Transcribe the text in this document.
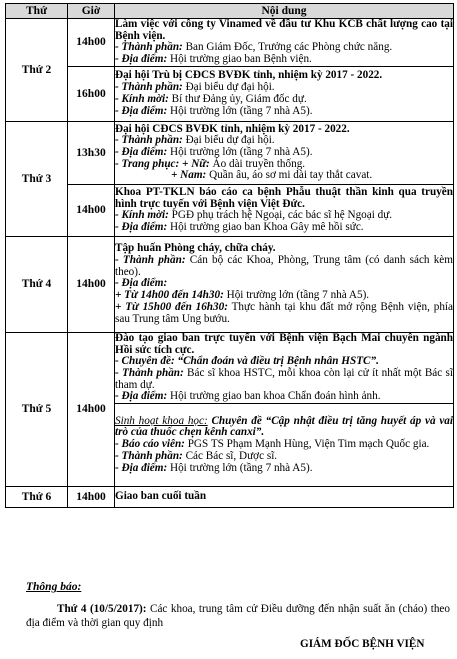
Thứ	Giờ	Nội dung
Thứ 2	14h00	Làm việc với công ty Vinamed về đầu tư Khu KCB chất lượng cao tại Bệnh viện.
- Thành phần: Ban Giám Đốc, Trưởng các Phòng chức năng.
- Địa điểm: Hội trường giao ban Bệnh viện.

	16h00	Đại hội Trù bị CĐCS BVĐK tỉnh, nhiệm kỳ 2017 - 2022.
- Thành phần: Đại biểu dự đại hội.
- Kính mời: Bí thư Đảng ủy, Giám đốc dự.
- Địa điểm: Hội trường lớn (tầng 7 nhà A5).

Thứ 3	13h30	Đại hội CĐCS BVĐK tỉnh, nhiệm kỳ 2017 - 2022.
- Thành phần: Đại biểu dự đại hội.
- Địa điểm: Hội trường lớn (tầng 7 nhà A5).
- Trang phục: + Nữ: Áo dài truyền thống.
+ Nam: Quần âu, áo sơ mi dài tay thắt cavat.

	14h00	Khoa PT-TKLN báo cáo ca bệnh Phẫu thuật thần kinh qua truyền hình trực tuyến với Bệnh viện Việt Đức.
- Kính mời: PGĐ phụ trách hệ Ngoại, các bác sĩ hệ Ngoại dự.
- Địa điểm: Hội trường giao ban Khoa Gây mê hồi sức.

Thứ 4	14h00	Tập huấn Phòng cháy, chữa cháy.
- Thành phần: Cán bộ các Khoa, Phòng, Trung tâm (có danh sách kèm theo).
- Địa điểm:
+ Từ 14h00 đến 14h30: Hội trường lớn (tầng 7 nhà A5).
+ Từ 15h00 đến 16h30: Thực hành tại khu đất mở rộng Bệnh viện, phía sau Trung tâm Ung bướu.

Thứ 5	14h00	Đào tạo giao ban trực tuyến với Bệnh viện Bạch Mai chuyên ngành Hồi sức tích cực.
- Chuyên đề: “Chẩn đoán và điều trị Bệnh nhân HSTC”.
- Thành phần: Bác sĩ khoa HSTC, mỗi khoa còn lại cử ít nhất một Bác sĩ tham dự.
- Địa điểm: Hội trường giao ban khoa Chẩn đoán hình ảnh.

		Sinh hoạt khoa học: Chuyên đề “Cập nhật điều trị tăng huyết áp và vai trò của thuốc chẹn kênh canxi”.
- Báo cáo viên: PGS TS Phạm Mạnh Hùng, Viện Tim mạch Quốc gia.
- Thành phần: Các Bác sĩ, Dược sĩ.
- Địa điểm: Hội trường lớn (tầng 7 nhà A5).

Thứ 6	14h00	Giao ban cuối tuần
Thông báo:
Thứ 4 (10/5/2017): Các khoa, trung tâm cử Điều dưỡng đến nhận suất ăn (cháo) theo địa điểm và thời gian quy định
GIÁM ĐỐC BỆNH VIỆN
